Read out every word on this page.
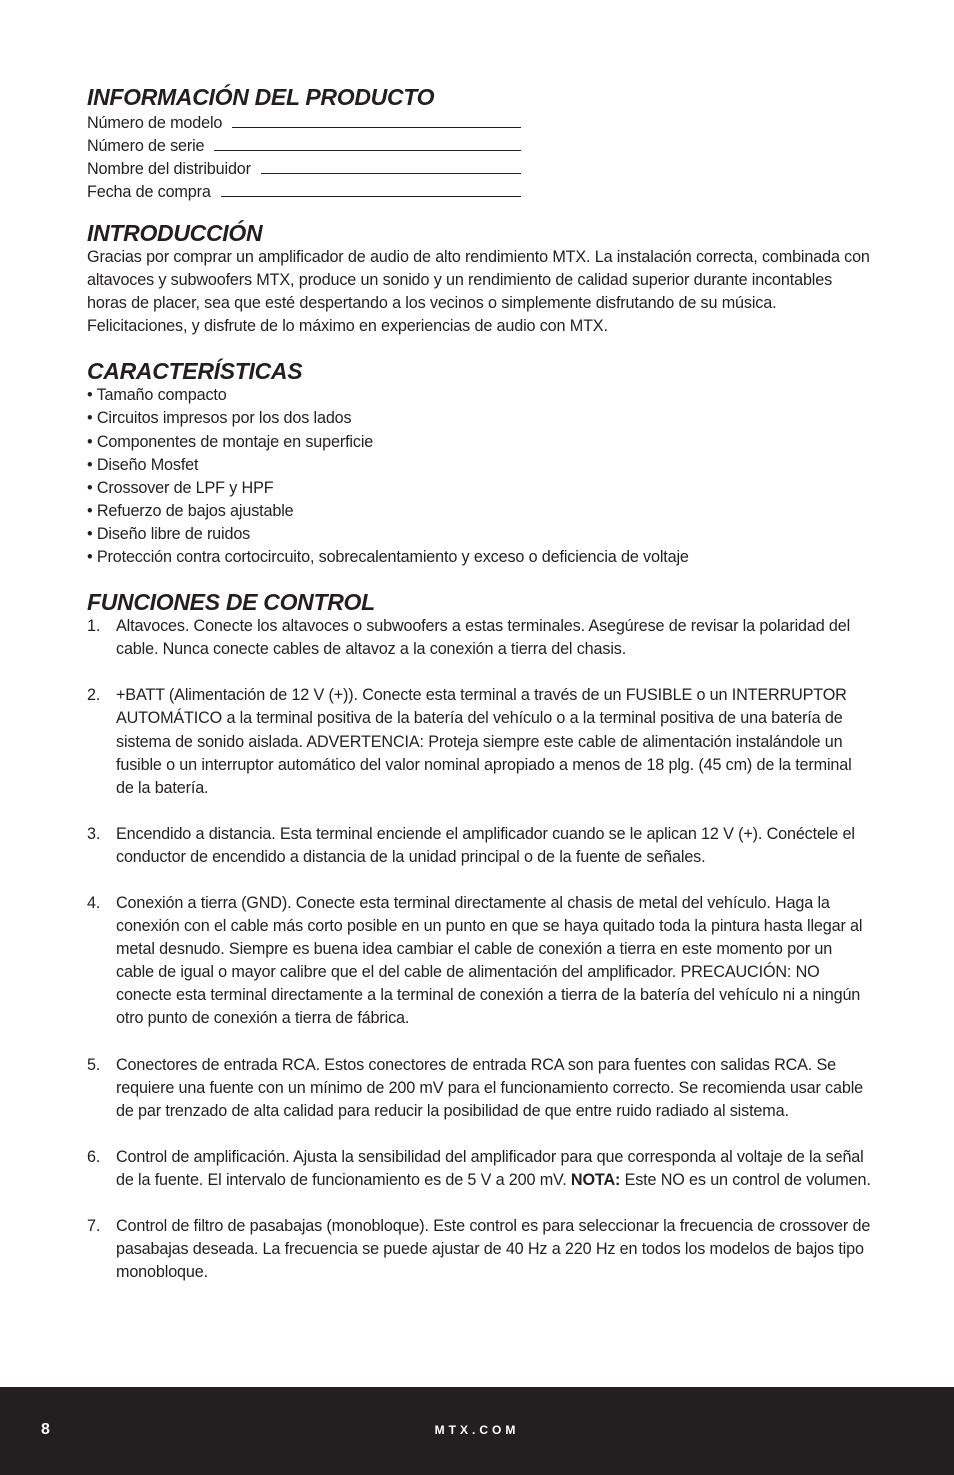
INFORMACIÓN DEL PRODUCTO
Número de modelo
Número de serie
Nombre del distribuidor
Fecha de compra
INTRODUCCIÓN

Gracias por comprar un amplificador de audio de alto rendimiento MTX. La instalación correcta, combinada con altavoces y subwoofers MTX, produce un sonido y un rendimiento de calidad superior durante incontables horas de placer, sea que esté despertando a los vecinos o simplemente disfrutando de su música. Felicitaciones, y disfrute de lo máximo en experiencias de audio con MTX.

CARACTERÍSTICAS
• Tamaño compacto
• Circuitos impresos por los dos lados
• Componentes de montaje en superficie
• Diseño Mosfet
• Crossover de LPF y HPF
• Refuerzo de bajos ajustable
• Diseño libre de ruidos
• Protección contra cortocircuito, sobrecalentamiento y exceso o deficiencia de voltaje
FUNCIONES DE CONTROL
1. Altavoces. Conecte los altavoces o subwoofers a estas terminales. Asegúrese de revisar la polaridad del cable. Nunca conecte cables de altavoz a la conexión a tierra del chasis.
2. +BATT (Alimentación de 12 V (+)). Conecte esta terminal a través de un FUSIBLE o un INTERRUPTOR AUTOMÁTICO a la terminal positiva de la batería del vehículo o a la terminal positiva de una batería de sistema de sonido aislada. ADVERTENCIA: Proteja siempre este cable de alimentación instalándole un fusible o un interruptor automático del valor nominal apropiado a menos de 18 plg. (45 cm) de la terminal de la batería.
3. Encendido a distancia. Esta terminal enciende el amplificador cuando se le aplican 12 V (+). Conéctele el conductor de encendido a distancia de la unidad principal o de la fuente de señales.
4. Conexión a tierra (GND). Conecte esta terminal directamente al chasis de metal del vehículo. Haga la conexión con el cable más corto posible en un punto en que se haya quitado toda la pintura hasta llegar al metal desnudo. Siempre es buena idea cambiar el cable de conexión a tierra en este momento por un cable de igual o mayor calibre que el del cable de alimentación del amplificador. PRECAUCIÓN: NO conecte esta terminal directamente a la terminal de conexión a tierra de la batería del vehículo ni a ningún otro punto de conexión a tierra de fábrica.
5. Conectores de entrada RCA. Estos conectores de entrada RCA son para fuentes con salidas RCA. Se requiere una fuente con un mínimo de 200 mV para el funcionamiento correcto. Se recomienda usar cable de par trenzado de alta calidad para reducir la posibilidad de que entre ruido radiado al sistema.
6. Control de amplificación. Ajusta la sensibilidad del amplificador para que corresponda al voltaje de la señal de la fuente. El intervalo de funcionamiento es de 5 V a 200 mV. NOTA: Este NO es un control de volumen.
7. Control de filtro de pasabajas (monobloque). Este control es para seleccionar la frecuencia de crossover de pasabajas deseada. La frecuencia se puede ajustar de 40 Hz a 220 Hz en todos los modelos de bajos tipo monobloque.
8	MTX.COM
